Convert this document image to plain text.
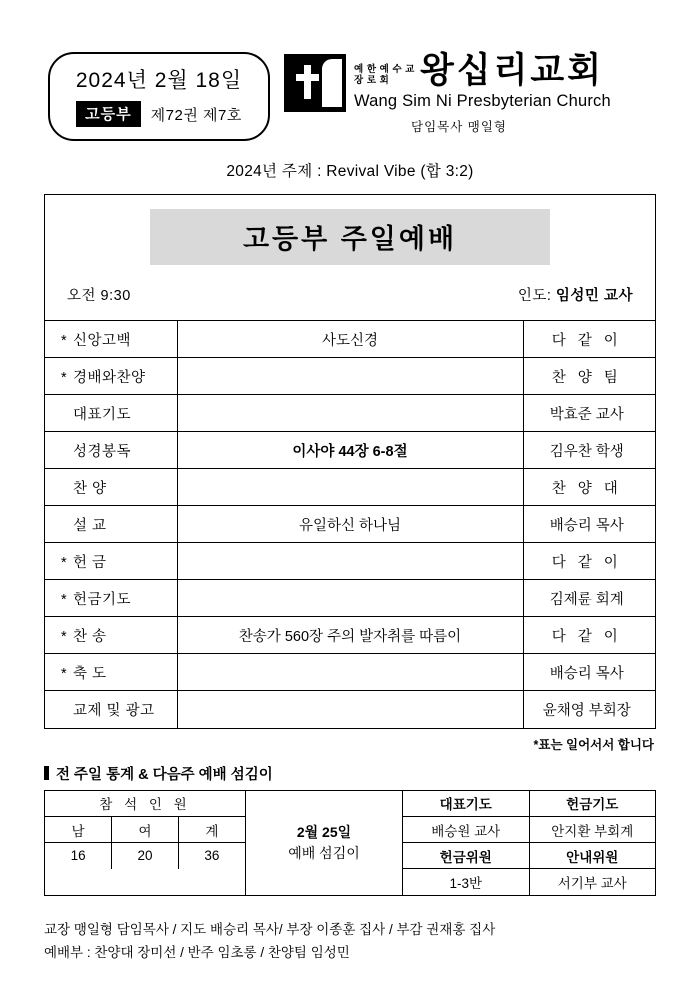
2024년 2월 18일
고등부	제72권 제7호
예 한 예 수 교
장 로 회 왕십리교회
Wang Sim Ni Presbyterian Church
담임목사 맹일형
2024년 주제 : Revival Vibe (합 3:2)
고등부 주일예배
오전 9:30	인도: 임성민 교사
* 신앙고백	사도신경	다 같 이
* 경배와찬양		찬 양 팀
대표기도		박효준 교사
성경봉독	이사야 44장 6-8절	김우찬 학생
찬 양		찬 양 대
설 교	유일하신 하나님	배승리 목사
* 헌 금		다 같 이
* 헌금기도		김제륜 회계
* 찬 송	찬송가 560장 주의 발자취를 따름이	다 같 이
* 축 도		배승리 목사
교제 및 광고		윤채영 부회장
*표는 일어서서 합니다
전 주일 통계 & 다음주 예배 섬김이
참 석 인 원		
남	여	계
16	20	36
2월 25일
예배 섬김이
대표기도	헌금기도
배승원 교사	안지환 부회계
헌금위원	안내위원
1-3반	서기부 교사
교장 맹일형 담임목사 / 지도 배승리 목사/ 부장 이종훈 집사 / 부감 권재홍 집사
예배부 : 찬양대 장미선 / 반주 임초롱 / 찬양팀 임성민
